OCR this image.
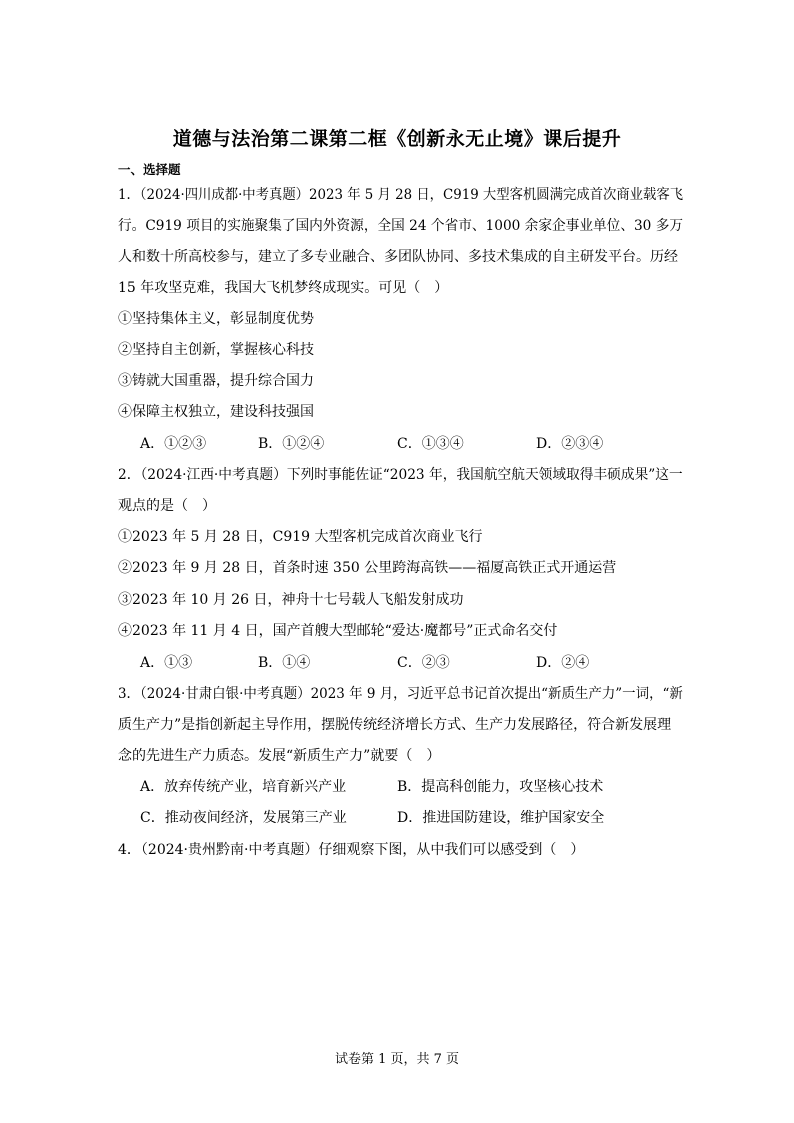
道德与法治第二课第二框《创新永无止境》课后提升
一、选择题
1．（2024·四川成都·中考真题）2023 年 5 月 28 日，C919 大型客机圆满完成首次商业载客飞
行。C919 项目的实施聚集了国内外资源，全国 24 个省市、1000 余家企事业单位、30 多万
人和数十所高校参与，建立了多专业融合、多团队协同、多技术集成的自主研发平台。历经
15 年攻坚克难，我国大飞机梦终成现实。可见（　）
①坚持集体主义，彰显制度优势
②坚持自主创新，掌握核心科技
③铸就大国重器，提升综合国力
④保障主权独立，建设科技强国
A．①②③	B．①②④	C．①③④	D．②③④
2．（2024·江西·中考真题）下列时事能佐证“2023 年，我国航空航天领域取得丰硕成果”这一
观点的是（　）
①2023 年 5 月 28 日，C919 大型客机完成首次商业飞行
②2023 年 9 月 28 日，首条时速 350 公里跨海高铁——福厦高铁正式开通运营
③2023 年 10 月 26 日，神舟十七号载人飞船发射成功
④2023 年 11 月 4 日，国产首艘大型邮轮“爱达·魔都号”正式命名交付
A．①③	B．①④	C．②③	D．②④
3．（2024·甘肃白银·中考真题）2023 年 9 月，习近平总书记首次提出“新质生产力”一词，“新
质生产力”是指创新起主导作用，摆脱传统经济增长方式、生产力发展路径，符合新发展理
念的先进生产力质态。发展“新质生产力”就要（　）
A．放弃传统产业，培育新兴产业	B．提高科创能力，攻坚核心技术
C．推动夜间经济，发展第三产业	D．推进国防建设，维护国家安全
4．（2024·贵州黔南·中考真题）仔细观察下图，从中我们可以感受到（　）
试卷第 1 页，共 7 页
